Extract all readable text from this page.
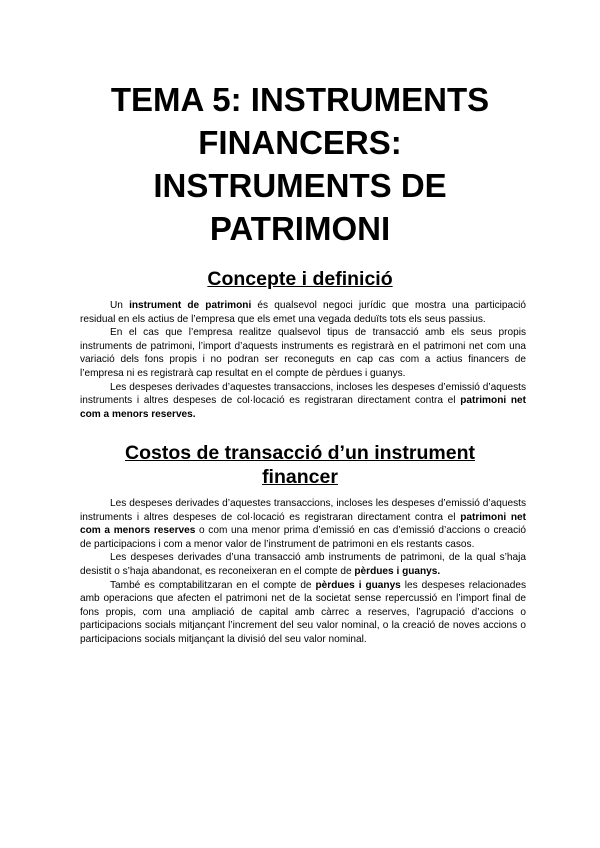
TEMA 5: INSTRUMENTS
FINANCERS:
INSTRUMENTS DE
PATRIMONI
Concepte i definició

Un instrument de patrimoni és qualsevol negoci jurídic que mostra una participació residual en els actius de l’empresa que els emet una vegada deduïts tots els seus passius.

En el cas que l’empresa realitze qualsevol tipus de transacció amb els seus propis instruments de patrimoni, l’import d’aquests instruments es registrarà en el patrimoni net com una variació dels fons propis i no podran ser reconeguts en cap cas com a actius financers de l’empresa ni es registrarà cap resultat en el compte de pèrdues i guanys.

Les despeses derivades d’aquestes transaccions, incloses les despeses d’emissió d’aquests instruments i altres despeses de col·locació es registraran directament contra el patrimoni net com a menors reserves.

Costos de transacció d’un instrument financer

Les despeses derivades d’aquestes transaccions, incloses les despeses d’emissió d’aquests instruments i altres despeses de col·locació es registraran directament contra el patrimoni net com a menors reserves o com una menor prima d’emissió en cas d’emissió d’accions o creació de participacions i com a menor valor de l’instrument de patrimoni en els restants casos.

Les despeses derivades d’una transacció amb instruments de patrimoni, de la qual s’haja desistit o s’haja abandonat, es reconeixeran en el compte de pèrdues i guanys.

També es comptabilitzaran en el compte de pèrdues i guanys les despeses relacionades amb operacions que afecten el patrimoni net de la societat sense repercussió en l’import final de fons propis, com una ampliació de capital amb càrrec a reserves, l’agrupació d’accions o participacions socials mitjançant l’increment del seu valor nominal, o la creació de noves accions o participacions socials mitjançant la divisió del seu valor nominal.
